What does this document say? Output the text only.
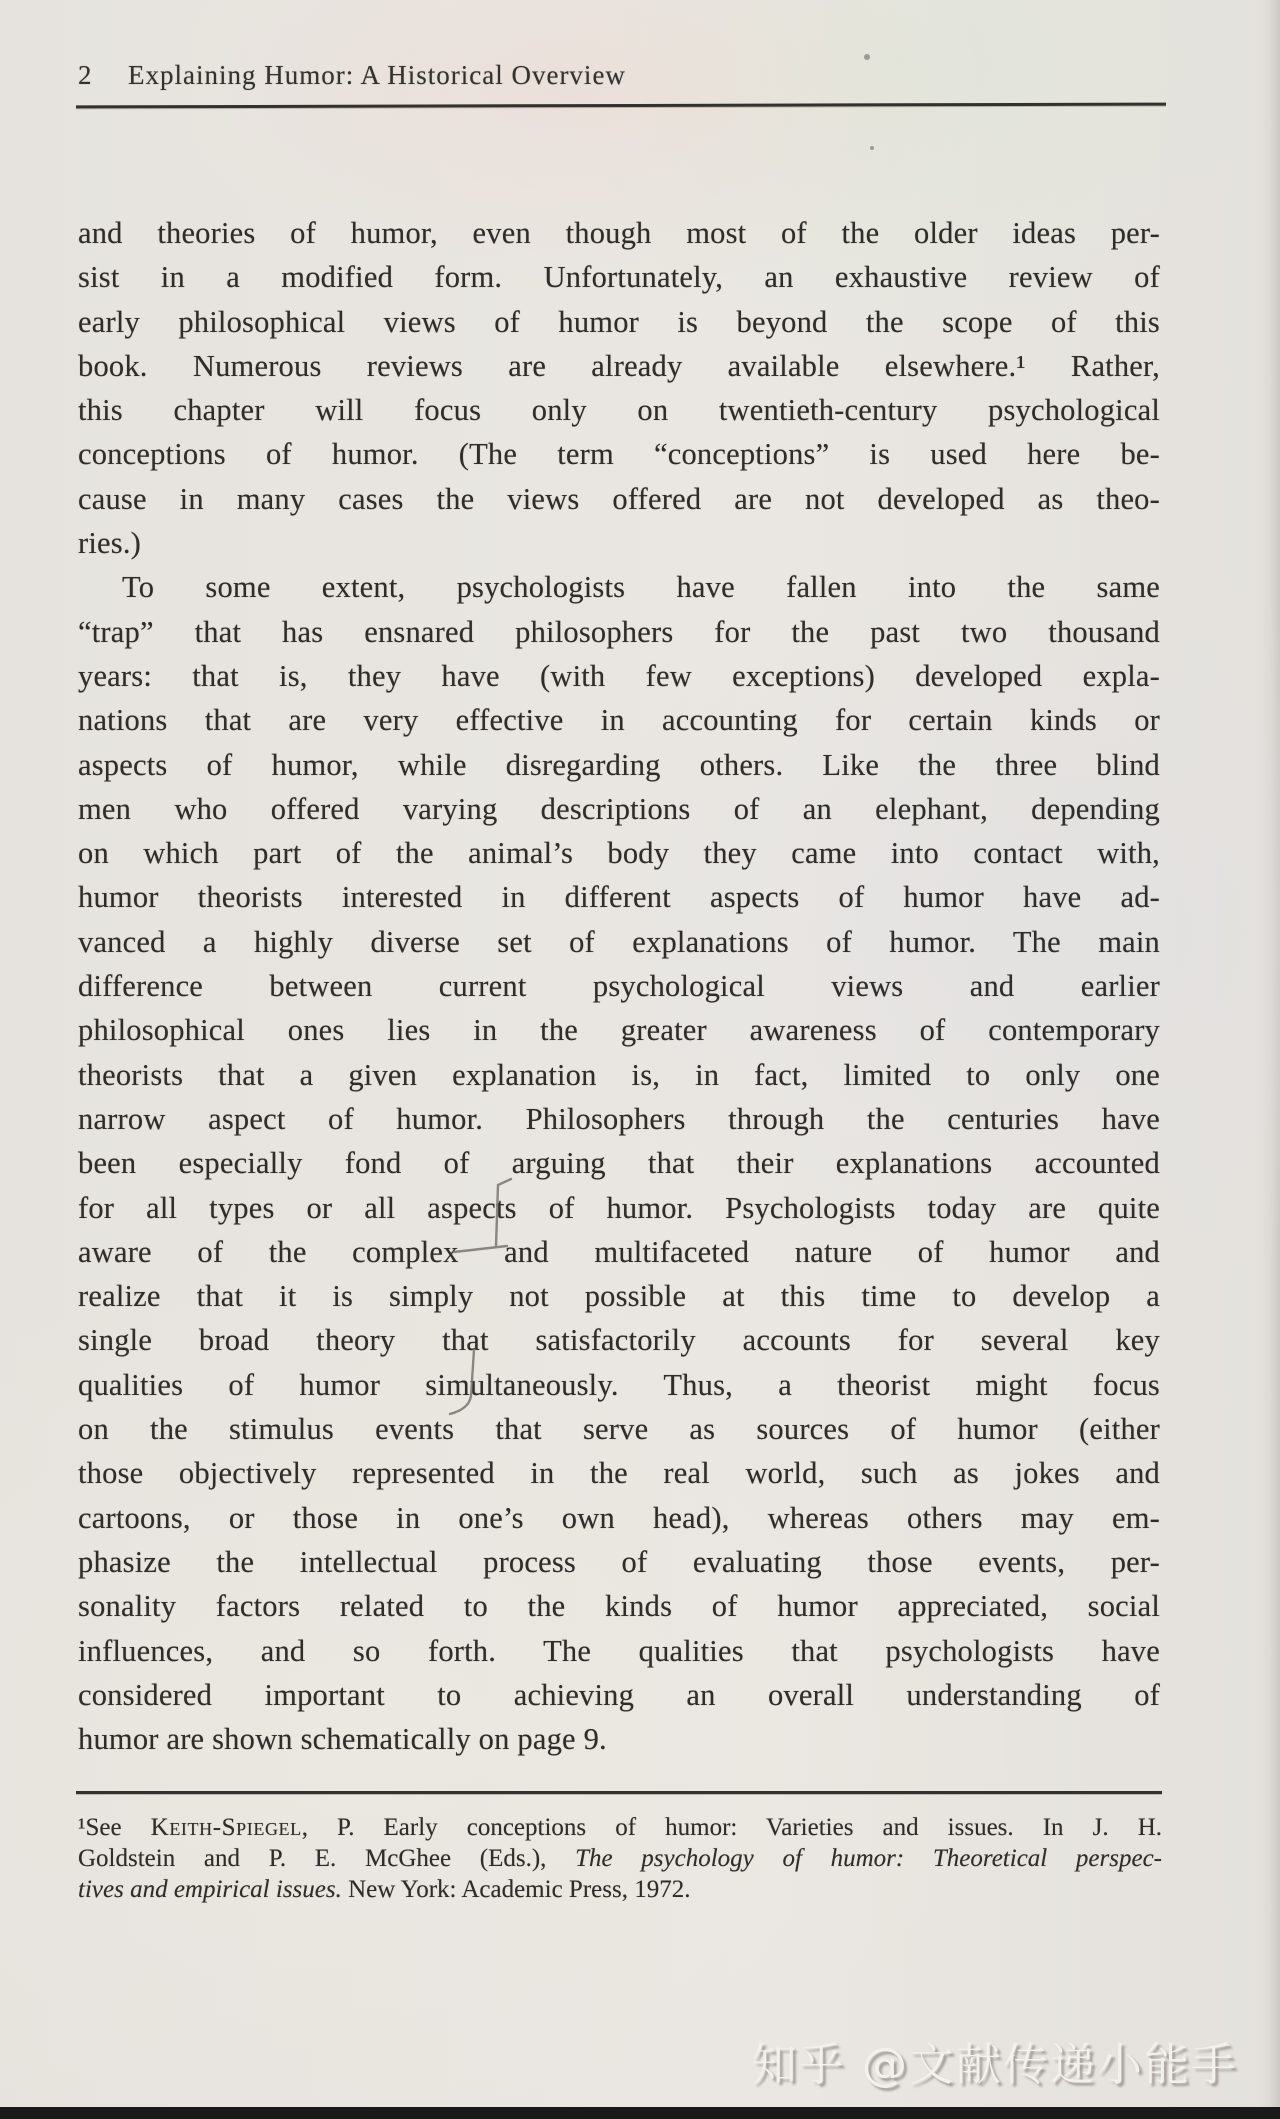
2	Explaining Humor: A Historical Overview
and theories of humor, even though most of the older ideas per-
sist in a modified form. Unfortunately, an exhaustive review of
early philosophical views of humor is beyond the scope of this
book. Numerous reviews are already available elsewhere.¹ Rather,
this chapter will focus only on twentieth-century psychological
conceptions of humor. (The term “conceptions” is used here be-
cause in many cases the views offered are not developed as theo-
ries.)
To some extent, psychologists have fallen into the same
“trap” that has ensnared philosophers for the past two thousand
years: that is, they have (with few exceptions) developed expla-
nations that are very effective in accounting for certain kinds or
aspects of humor, while disregarding others. Like the three blind
men who offered varying descriptions of an elephant, depending
on which part of the animal’s body they came into contact with,
humor theorists interested in different aspects of humor have ad-
vanced a highly diverse set of explanations of humor. The main
difference between current psychological views and earlier
philosophical ones lies in the greater awareness of contemporary
theorists that a given explanation is, in fact, limited to only one
narrow aspect of humor. Philosophers through the centuries have
been especially fond of arguing that their explanations accounted
for all types or all aspects of humor. Psychologists today are quite
aware of the complex and multifaceted nature of humor and
realize that it is simply not possible at this time to develop a
single broad theory that satisfactorily accounts for several key
qualities of humor simultaneously. Thus, a theorist might focus
on the stimulus events that serve as sources of humor (either
those objectively represented in the real world, such as jokes and
cartoons, or those in one’s own head), whereas others may em-
phasize the intellectual process of evaluating those events, per-
sonality factors related to the kinds of humor appreciated, social
influences, and so forth. The qualities that psychologists have
considered important to achieving an overall understanding of
humor are shown schematically on page 9.
¹See Keith-Spiegel, P. Early conceptions of humor: Varieties and issues. In J. H.
Goldstein and P. E. McGhee (Eds.), The psychology of humor: Theoretical perspec-
tives and empirical issues. New York: Academic Press, 1972.
知乎 @文献传递小能手
